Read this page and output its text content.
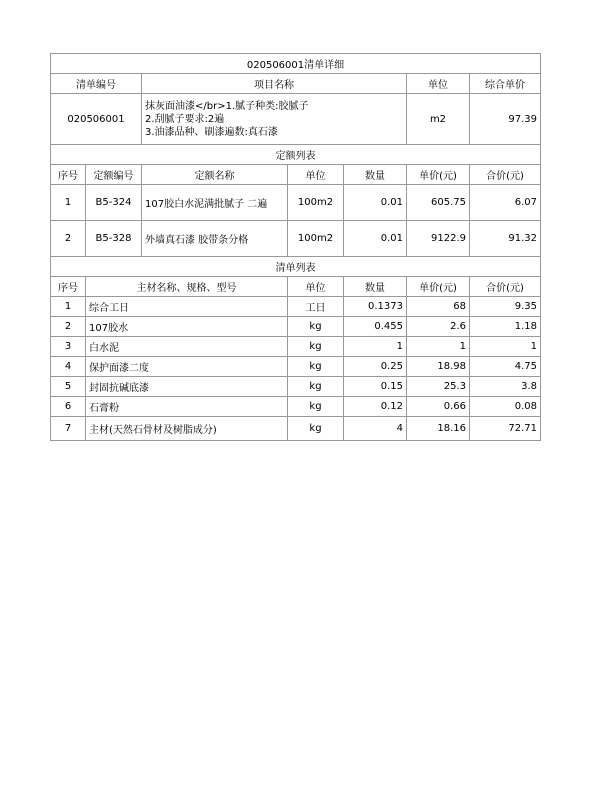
020506001清单详细						
清单编号		项目名称			单位	综合单价
020506001		抹灰面油漆</br>1.腻子种类:胶腻子
2.刮腻子要求:2遍
3.油漆品种、刷漆遍数:真石漆			m2	97.39
定额列表						
序号	定额编号	定额名称	单位	数量	单价(元)	合价(元)
1	B5-324	107胶白水泥满批腻子 二遍	100m2	0.01	605.75	6.07
2	B5-328	外墙真石漆 胶带条分格	100m2	0.01	9122.9	91.32
清单列表						
序号	主材名称、规格、型号		单位	数量	单价(元)	合价(元)
1	综合工日		工日	0.1373	68	9.35
2	107胶水		kg	0.455	2.6	1.18
3	白水泥		kg	1	1	1
4	保护面漆二度		kg	0.25	18.98	4.75
5	封固抗碱底漆		kg	0.15	25.3	3.8
6	石膏粉		kg	0.12	0.66	0.08
7	主材(天然石骨材及树脂成分)		kg	4	18.16	72.71
